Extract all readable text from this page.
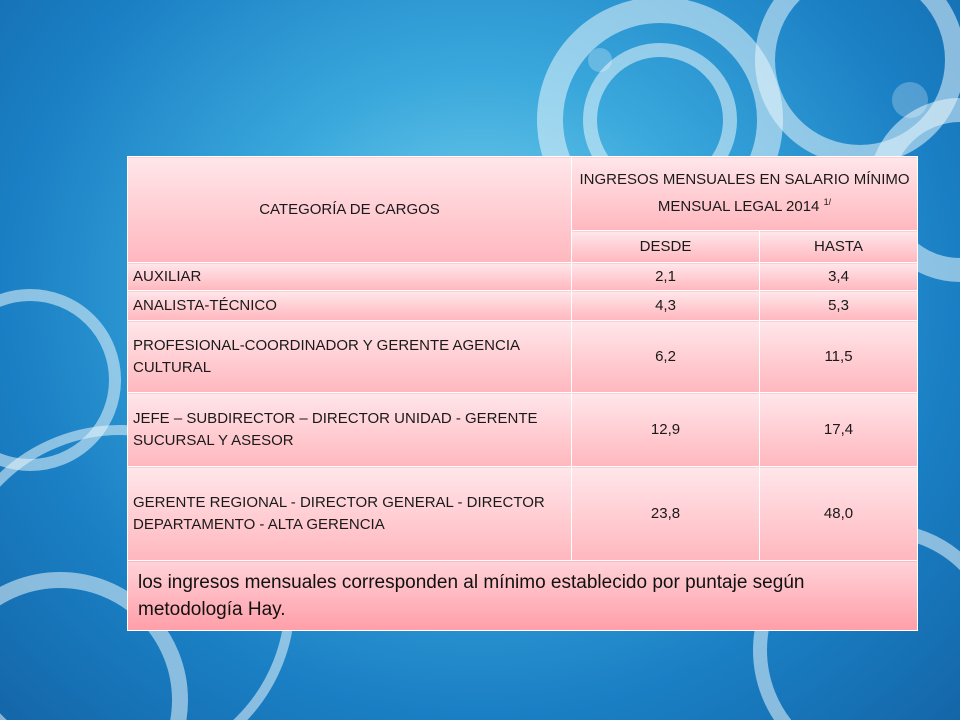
CATEGORÍA DE CARGOS	INGRESOS MENSUALES EN SALARIO MÍNIMO MENSUAL LEGAL 2014 $^{1/}$
	DESDE	HASTA
AUXILIAR	2,1	3,4
ANALISTA-TÉCNICO	4,3	5,3
PROFESIONAL-COORDINADOR Y GERENTE AGENCIA CULTURAL	6,2	11,5
JEFE – SUBDIRECTOR – DIRECTOR UNIDAD - GERENTE SUCURSAL Y ASESOR	12,9	17,4
GERENTE REGIONAL - DIRECTOR GENERAL - DIRECTOR DEPARTAMENTO - ALTA GERENCIA	23,8	48,0
los ingresos mensuales corresponden al mínimo establecido por puntaje según metodología Hay.		
